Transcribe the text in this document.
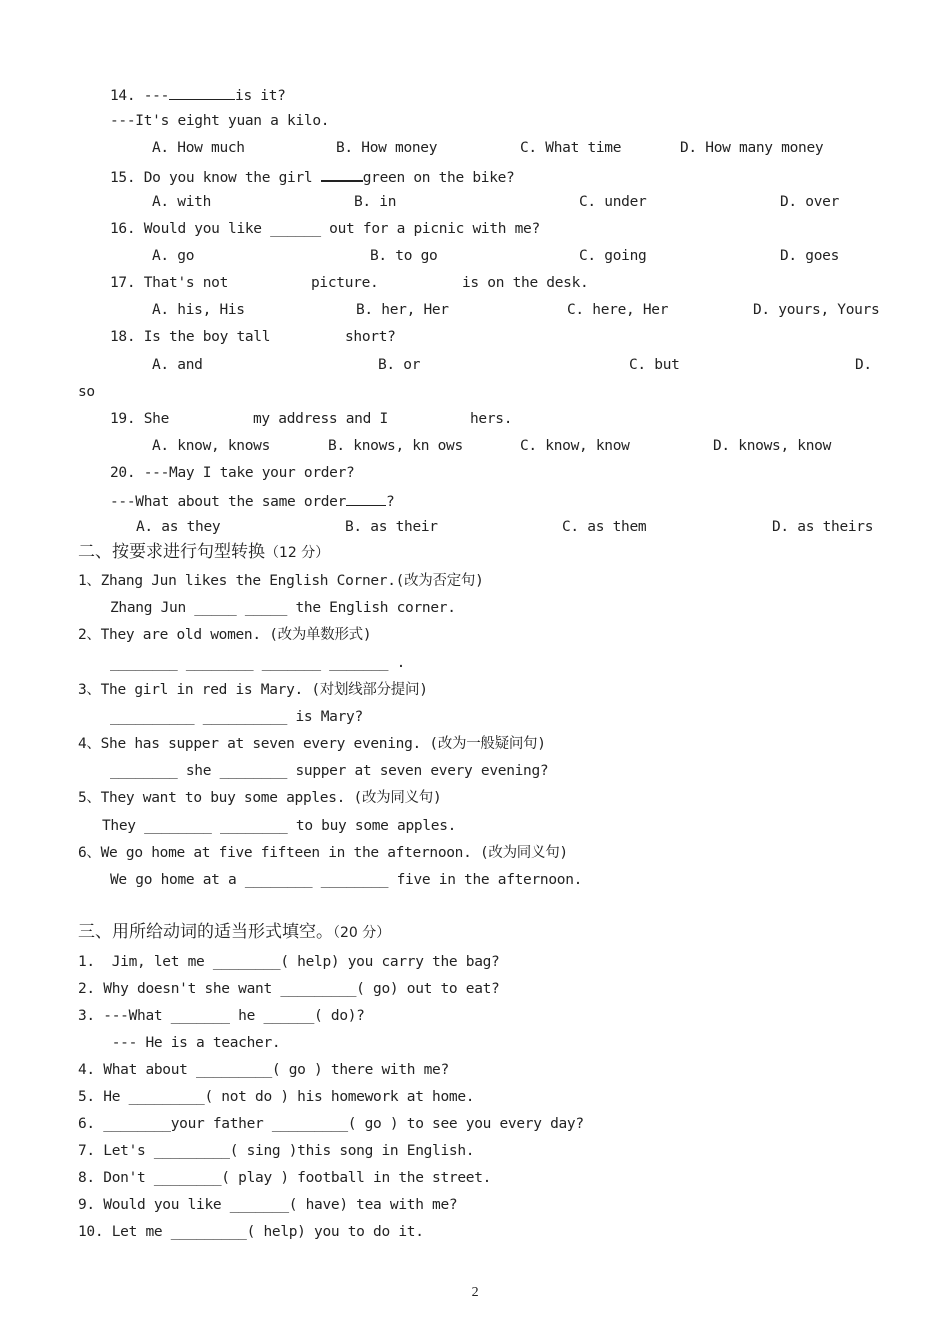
14. ---	is it?
---It's eight yuan a kilo.
A. How much	B. How money	C. What time	D. How many money
15. Do you know the girl	green on the bike?
A. with	B. in	C. under	D. over
16. Would you like ______ out for a picnic with me?
A. go	B. to go	C. going	D. goes
17. That's not	picture.	is on the desk.
A. his, His	B. her, Her	C. here, Her	D. yours, Yours
18. Is the boy tall	short?
A. and	B. or	C. but	D.
so
19. She	my address and I	hers.
A. know, knows	B. knows, kn ows	C. know, know	D. knows, know
20. ---May I take your order?
---What about the same order	?
A. as they	B. as their	C. as them	D. as theirs
二、按要求进行句型转换（12 分）
1、Zhang Jun likes the English Corner.(改为否定句)
Zhang Jun _____ _____ the English corner.
2、They are old women. (改为单数形式)
________ ________ _______ _______ .
3、The girl in red is Mary. (对划线部分提问)
__________ __________ is Mary?
4、She has supper at seven every evening. (改为一般疑问句)
________ she ________ supper at seven every evening?
5、They want to buy some apples. (改为同义句)
They ________ ________ to buy some apples.
6、We go home at five fifteen in the afternoon. (改为同义句)
We go home at a ________ ________ five in the afternoon.
三、用所给动词的适当形式填空。（20 分）
1.  Jim, let me ________( help) you carry the bag?
2. Why doesn't she want _________( go) out to eat?
3. ---What _______ he ______( do)?
--- He is a teacher.
4. What about _________( go ) there with me?
5. He _________( not do ) his homework at home.
6. ________your father _________( go ) to see you every day?
7. Let's _________( sing )this song in English.
8. Don't ________( play ) football in the street.
9. Would you like _______( have) tea with me?
10. Let me _________( help) you to do it.
2
